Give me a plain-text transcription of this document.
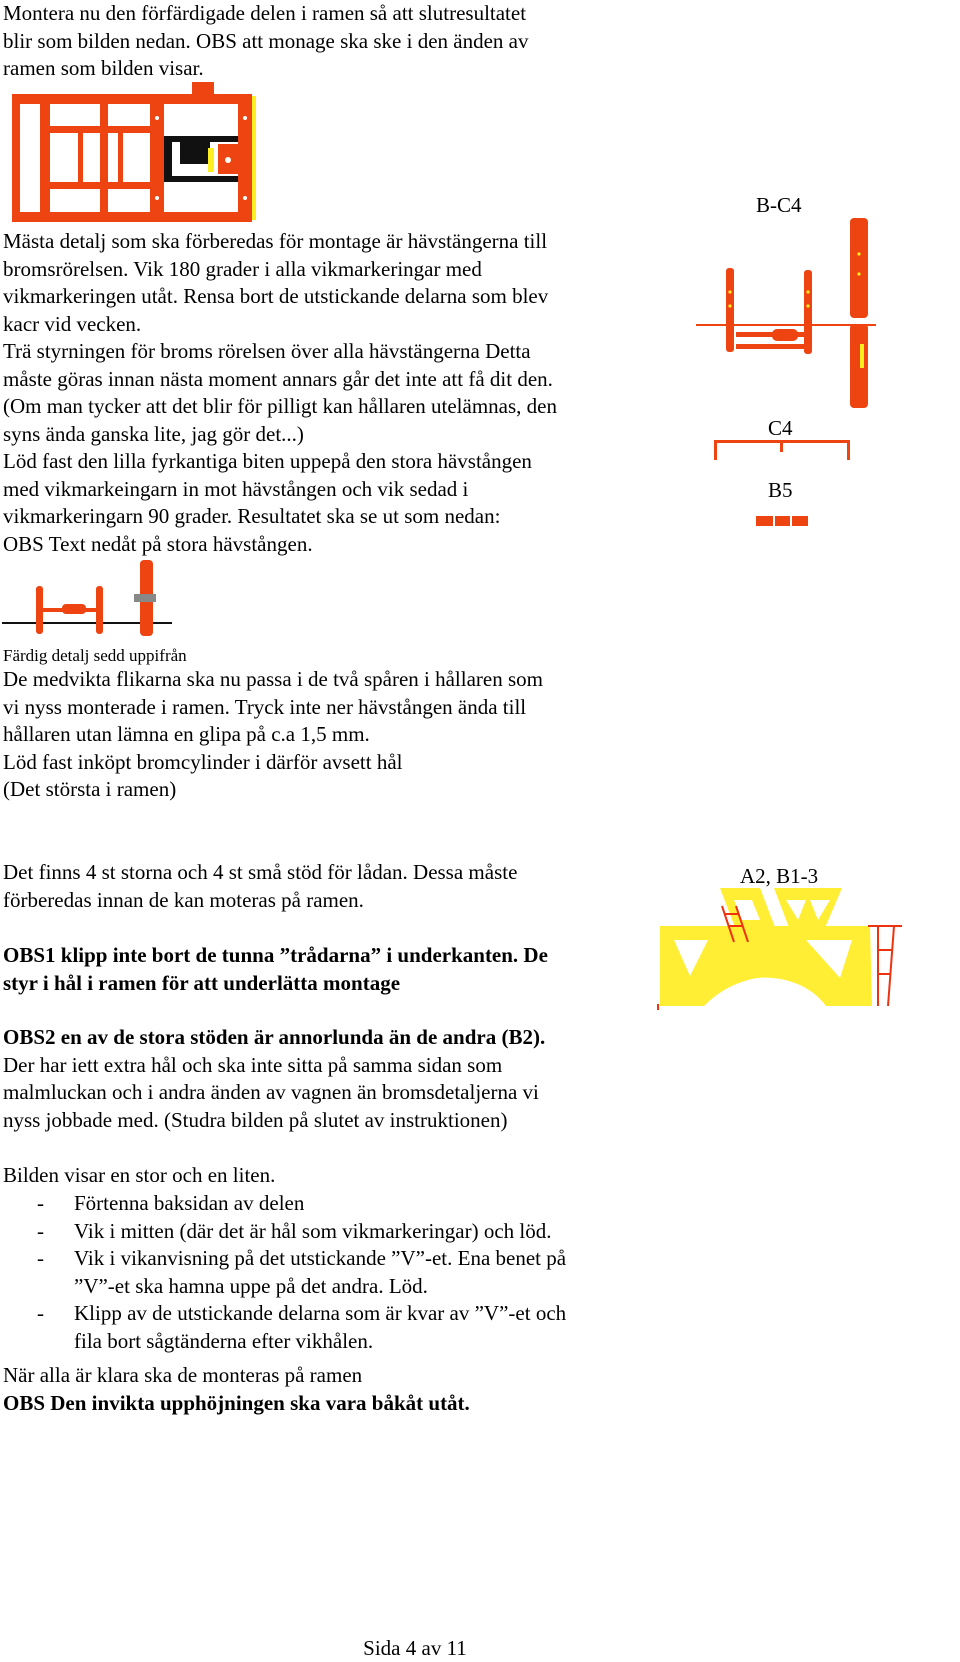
Montera nu den förfärdigade delen i ramen så att slutresultatet
blir som bilden nedan. OBS att monage ska ske i den änden av
ramen som bilden visar.

Mästa detalj som ska förberedas för montage är hävstängerna till
bromsrörelsen. Vik 180 grader i alla vikmarkeringar med
vikmarkeringen utåt. Rensa bort de utstickande delarna som blev
kacr vid vecken.
Trä styrningen för broms rörelsen över alla hävstängerna Detta
måste göras innan nästa moment annars går det inte att få dit den.
(Om man tycker att det blir för pilligt kan hållaren utelämnas, den
syns ända ganska lite, jag gör det...)
Löd fast den lilla fyrkantiga biten uppepå den stora hävstången
med vikmarkeingarn in mot hävstången och vik sedad i
vikmarkeringarn 90 grader. Resultatet ska se ut som nedan:
OBS Text nedåt på stora hävstången.

B-C4
C4
B5
Färdig detalj sedd uppifrån

De medvikta flikarna ska nu passa i de två spåren i hållaren som
vi nyss monterade i ramen. Tryck inte ner hävstången ända till
hållaren utan lämna en glipa på c.a 1,5 mm.
Löd fast inköpt bromcylinder i därför avsett hål
(Det största i ramen)

Det finns 4 st storna och 4 st små stöd för lådan. Dessa måste
förberedas innan de kan moteras på ramen.

A2, B1-3

OBS1 klipp inte bort de tunna ”trådarna” i underkanten. De
styr i hål i ramen för att underlätta montage

OBS2 en av de stora stöden är annorlunda än de andra (B2).
Der har iett extra hål och ska inte sitta på samma sidan som
malmluckan och i andra änden av vagnen än bromsdetaljerna vi
nyss jobbade med. (Studra bilden på slutet av instruktionen)

Bilden visar en stor och en liten.
- Förtenna baksidan av delen
- Vik i mitten (där det är hål som vikmarkeringar) och löd.
- Vik i vikanvisning på det utstickande ”V”-et. Ena benet på
”V”-et ska hamna uppe på det andra. Löd.
- Klipp av de utstickande delarna som är kvar av ”V”-et och
fila bort sågtänderna efter vikhålen.
När alla är klara ska de monteras på ramen
OBS Den invikta upphöjningen ska vara båkåt utåt.
Sida 4 av 11
